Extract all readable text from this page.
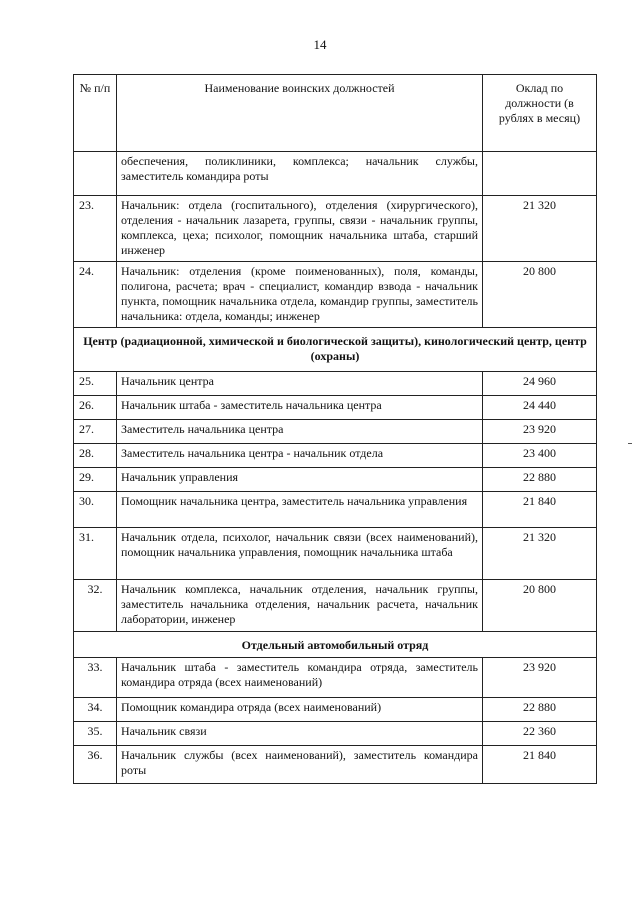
14
№ п/п	Наименование воинских должностей	Оклад по должности (в рублях в месяц)
	обеспечения, поликлиники, комплекса; начальник службы, заместитель командира роты	
23.	Начальник: отдела (госпитального), отделения (хирургического), отделения - начальник лазарета, группы, связи - начальник группы, комплекса, цеха; психолог, помощник начальника штаба, старший инженер	21 320
24.	Начальник: отделения (кроме поименованных), поля, команды, полигона, расчета; врач - специалист, командир взвода - начальник пункта, помощник начальника отдела, командир группы, заместитель начальника: отдела, команды; инженер	20 800
Центр (радиационной, химической и биологической защиты), кинологический центр, центр (охраны)		
25.	Начальник центра	24 960
26.	Начальник штаба - заместитель начальника центра	24 440
27.	Заместитель начальника центра	23 920
28.	Заместитель начальника центра - начальник отдела	23 400
29.	Начальник управления	22 880
30.	Помощник начальника центра, заместитель начальника управления	21 840
31.	Начальник отдела, психолог, начальник связи (всех наименований), помощник начальника управления, помощник начальника штаба	21 320
32.	Начальник комплекса, начальник отделения, начальник группы, заместитель начальника отделения, начальник расчета, начальник лаборатории, инженер	20 800
Отдельный автомобильный отряд		
33.	Начальник штаба - заместитель командира отряда, заместитель командира отряда (всех наименований)	23 920
34.	Помощник командира отряда (всех наименований)	22 880
35.	Начальник связи	22 360
36.	Начальник службы (всех наименований), заместитель командира роты	21 840
